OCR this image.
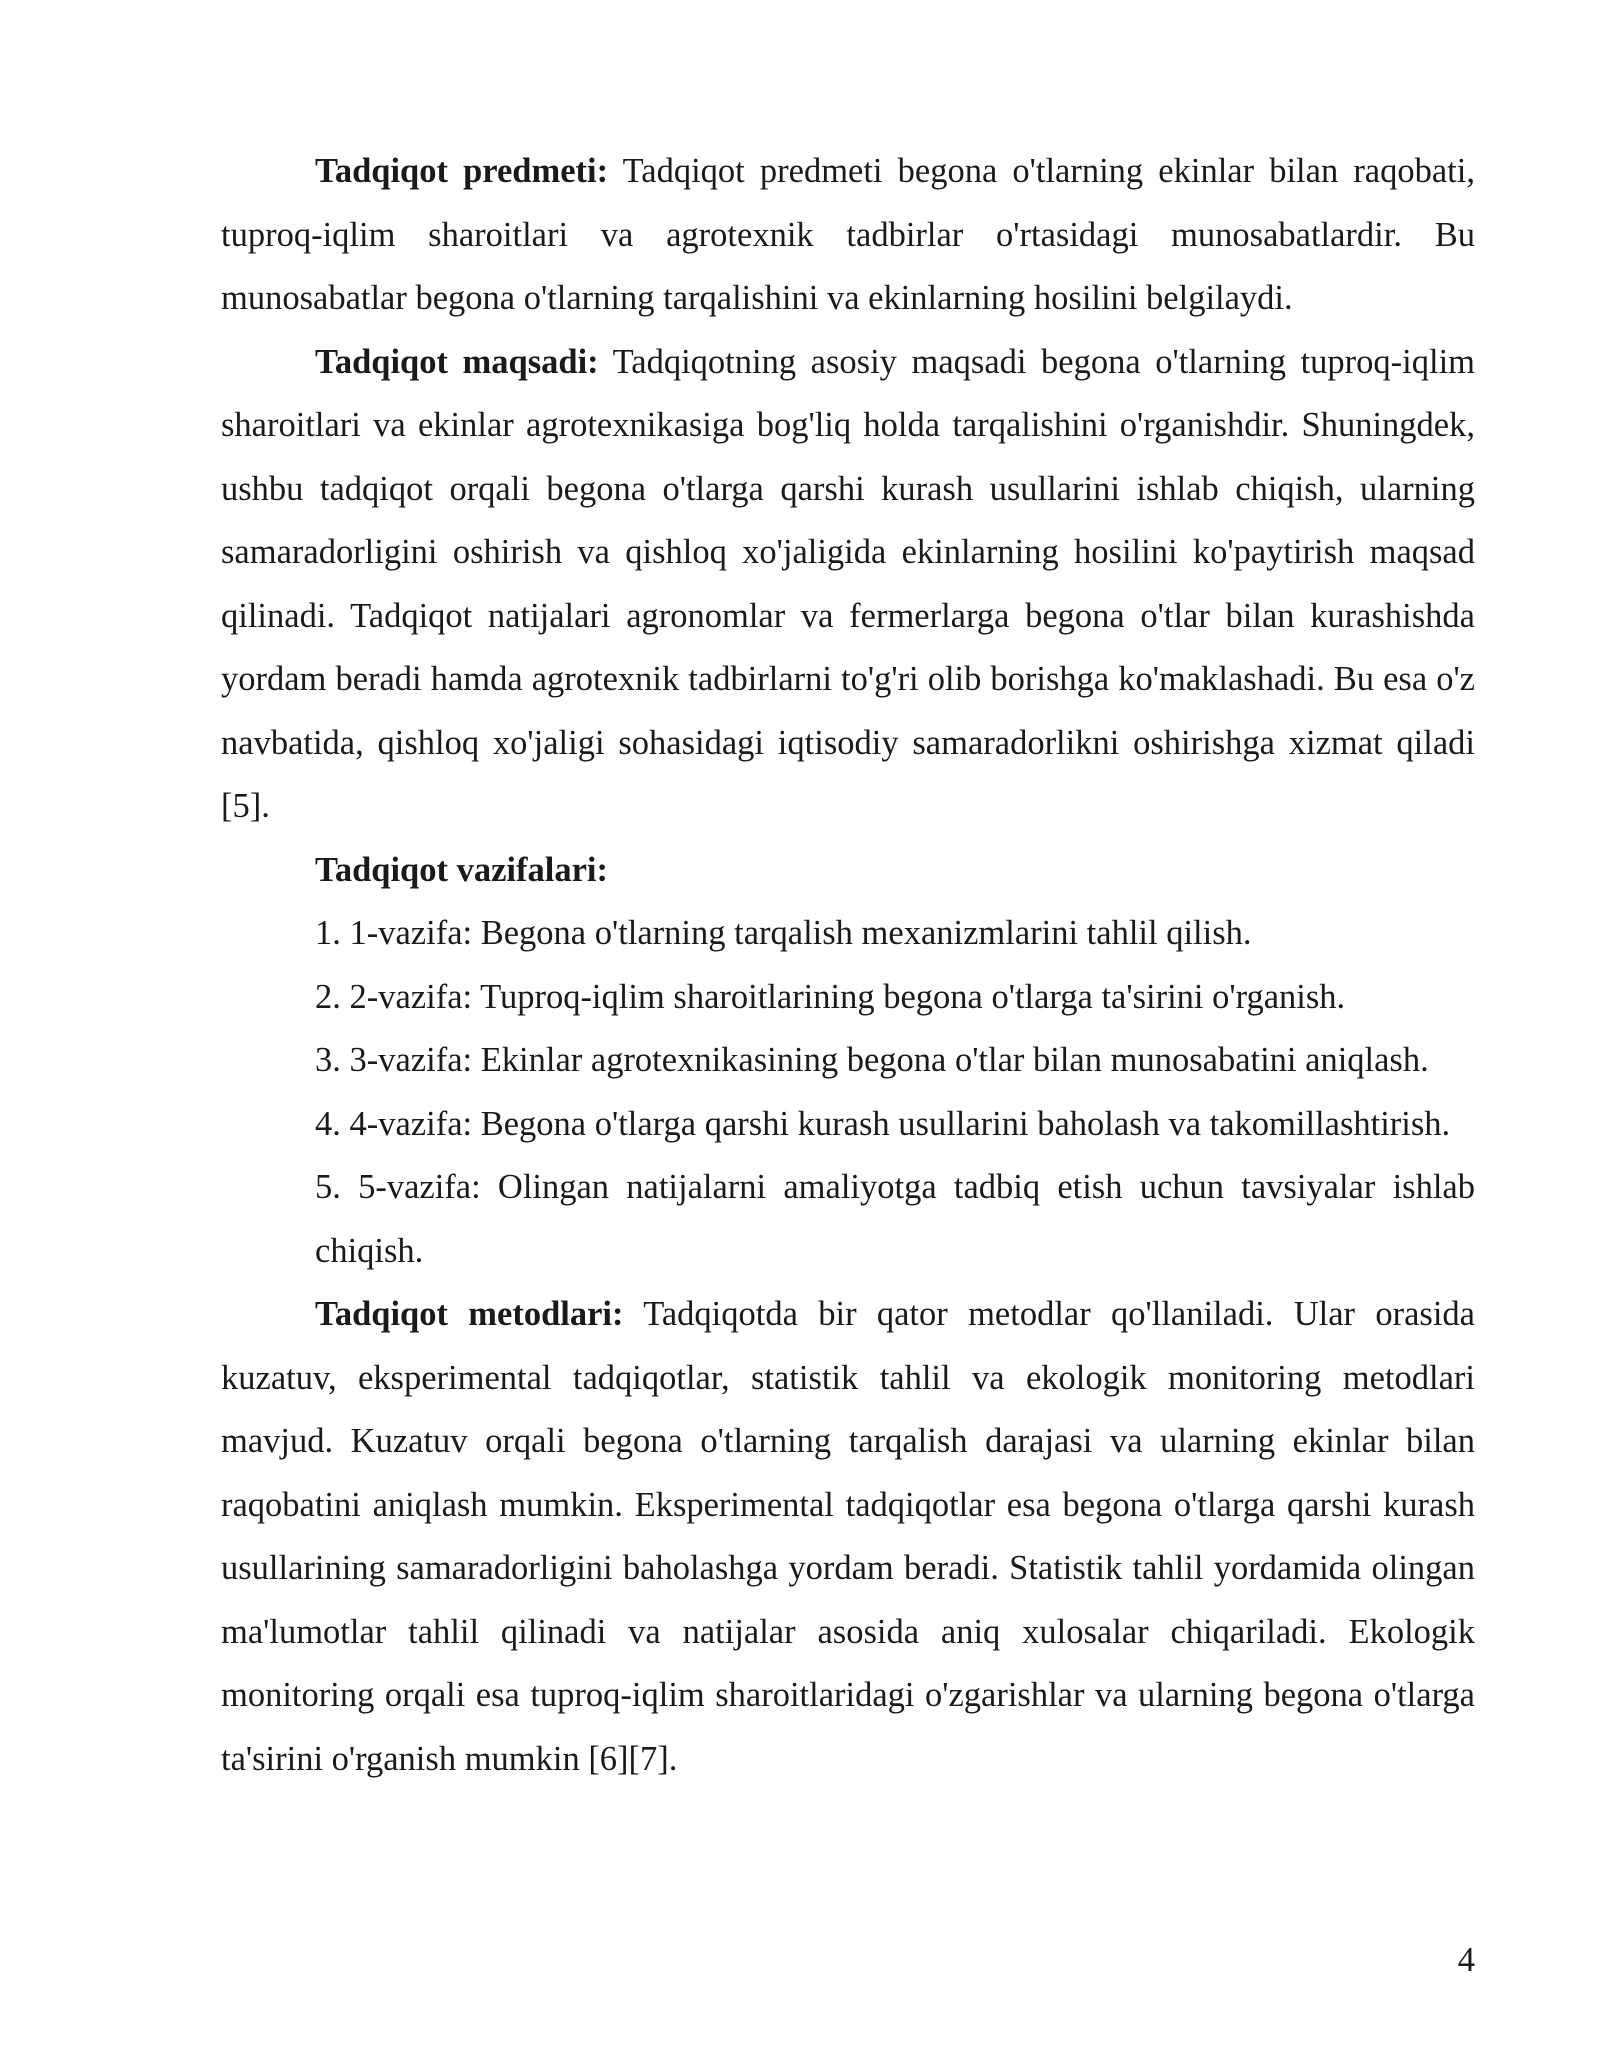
Tadqiqot predmeti: Tadqiqot predmeti begona o'tlarning ekinlar bilan raqobati, tuproq-iqlim sharoitlari va agrotexnik tadbirlar o'rtasidagi munosabatlardir. Bu munosabatlar begona o'tlarning tarqalishini va ekinlarning hosilini belgilaydi.

Tadqiqot maqsadi: Tadqiqotning asosiy maqsadi begona o'tlarning tuproq-iqlim sharoitlari va ekinlar agrotexnikasiga bog'liq holda tarqalishini o'rganishdir. Shuningdek, ushbu tadqiqot orqali begona o'tlarga qarshi kurash usullarini ishlab chiqish, ularning samaradorligini oshirish va qishloq xo'jaligida ekinlarning hosilini ko'paytirish maqsad qilinadi. Tadqiqot natijalari agronomlar va fermerlarga begona o'tlar bilan kurashishda yordam beradi hamda agrotexnik tadbirlarni to'g'ri olib borishga ko'maklashadi. Bu esa o'z navbatida, qishloq xo'jaligi sohasidagi iqtisodiy samaradorlikni oshirishga xizmat qiladi [5].

Tadqiqot vazifalari:

1. 1-vazifa: Begona o'tlarning tarqalish mexanizmlarini tahlil qilish.

2. 2-vazifa: Tuproq-iqlim sharoitlarining begona o'tlarga ta'sirini o'rganish.

3. 3-vazifa: Ekinlar agrotexnikasining begona o'tlar bilan munosabatini aniqlash.

4. 4-vazifa: Begona o'tlarga qarshi kurash usullarini baholash va takomillashtirish.

5. 5-vazifa: Olingan natijalarni amaliyotga tadbiq etish uchun tavsiyalar ishlab chiqish.

Tadqiqot metodlari: Tadqiqotda bir qator metodlar qo'llaniladi. Ular orasida kuzatuv, eksperimental tadqiqotlar, statistik tahlil va ekologik monitoring metodlari mavjud. Kuzatuv orqali begona o'tlarning tarqalish darajasi va ularning ekinlar bilan raqobatini aniqlash mumkin. Eksperimental tadqiqotlar esa begona o'tlarga qarshi kurash usullarining samaradorligini baholashga yordam beradi. Statistik tahlil yordamida olingan ma'lumotlar tahlil qilinadi va natijalar asosida aniq xulosalar chiqariladi. Ekologik monitoring orqali esa tuproq-iqlim sharoitlaridagi o'zgarishlar va ularning begona o'tlarga ta'sirini o'rganish mumkin [6][7].

4
